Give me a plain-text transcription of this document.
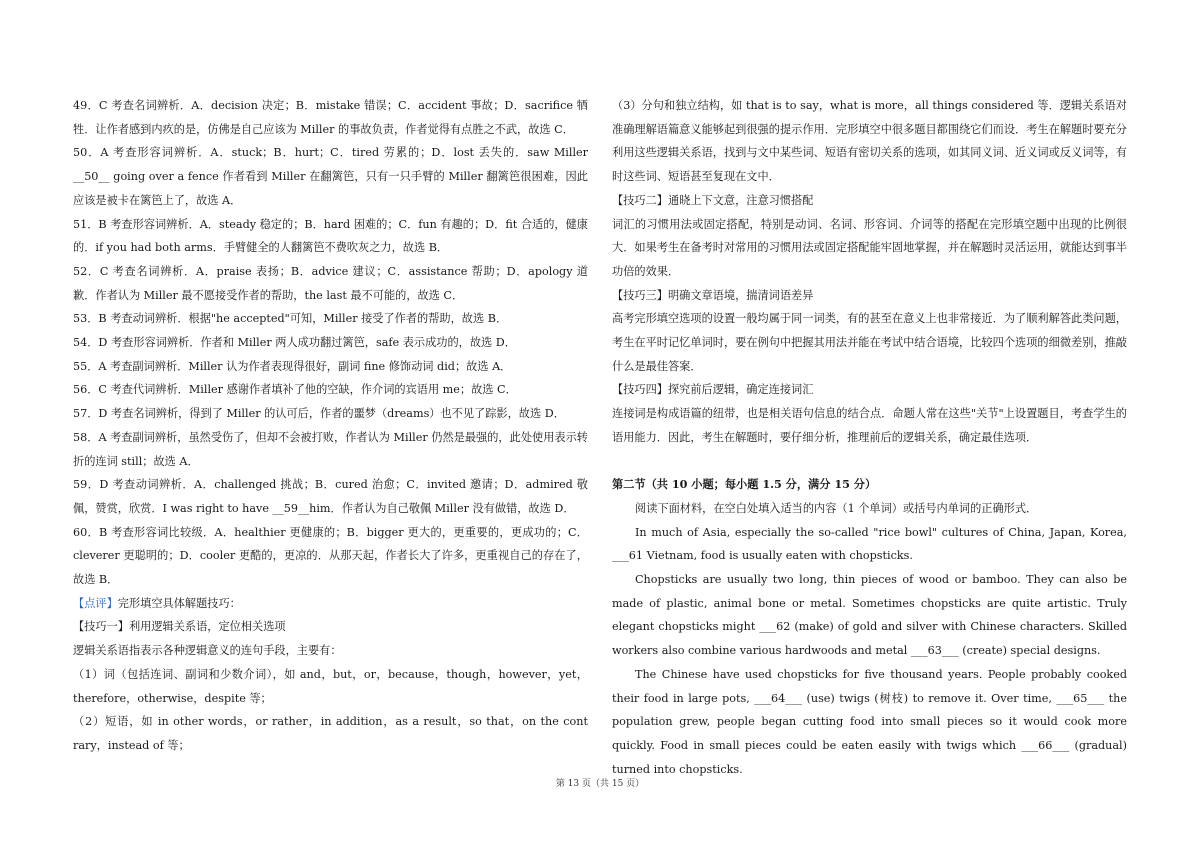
49．C 考查名词辨析．A．decision 决定；B．mistake 错误；C．accident 事故；D．sacrifice 牺牲．让作者感到内疚的是，仿佛是自己应该为 Miller 的事故负责，作者觉得有点胜之不武，故选 C．

50．A 考查形容词辨析．A．stuck；B．hurt；C．tired 劳累的；D．lost 丢失的．saw Miller __50__ going over a fence 作者看到 Miller 在翻篱笆，只有一只手臂的 Miller 翻篱笆很困难，因此应该是被卡在篱笆上了，故选 A．

51．B 考查形容词辨析．A．steady 稳定的；B．hard 困难的；C．fun 有趣的；D．fit 合适的，健康的．if you had both arms．手臂健全的人翻篱笆不费吹灰之力，故选 B．

52．C 考查名词辨析．A．praise 表扬；B．advice 建议；C．assistance 帮助；D．apology 道歉．作者认为 Miller 最不愿接受作者的帮助，the last 最不可能的，故选 C．

53．B 考查动词辨析．根据"he accepted"可知，Miller 接受了作者的帮助，故选 B．

54．D 考查形容词辨析．作者和 Miller 两人成功翻过篱笆，safe 表示成功的，故选 D．

55．A 考查副词辨析．Miller 认为作者表现得很好，副词 fine 修饰动词 did；故选 A．

56．C 考查代词辨析．Miller 感谢作者填补了他的空缺，作介词的宾语用 me；故选 C．

57．D 考查名词辨析，得到了 Miller 的认可后，作者的噩梦（dreams）也不见了踪影，故选 D．

58．A 考查副词辨析，虽然受伤了，但却不会被打败，作者认为 Miller 仍然是最强的，此处使用表示转折的连词 still；故选 A．

59．D 考查动词辨析．A．challenged 挑战；B．cured 治愈；C．invited 邀请；D．admired 敬佩，赞赏，欣赏．I was right to have __59__him．作者认为自己敬佩 Miller 没有做错，故选 D．

60．B 考查形容词比较级．A．healthier 更健康的；B．bigger 更大的，更重要的，更成功的；C．cleverer 更聪明的；D．cooler 更酷的，更凉的．从那天起，作者长大了许多，更重视自己的存在了，故选 B．

【点评】完形填空具体解题技巧：

【技巧一】利用逻辑关系语，定位相关选项

逻辑关系语指表示各种逻辑意义的连句手段，主要有：

（1）词（包括连词、副词和少数介词），如 and，but，or，because，though，however，yet，therefore，otherwise，despite 等；

（2）短语，如 in other words，or rather，in addition，as a result，so that，on the cont rary，instead of 等；

（3）分句和独立结构，如 that is to say，what is more，all things considered 等．逻辑关系语对准确理解语篇意义能够起到很强的提示作用．完形填空中很多题目都围绕它们而设．考生在解题时要充分利用这些逻辑关系语，找到与文中某些词、短语有密切关系的选项，如其同义词、近义词或反义词等，有时这些词、短语甚至复现在文中．

【技巧二】通晓上下文意，注意习惯搭配

词汇的习惯用法或固定搭配，特别是动词、名词、形容词、介词等的搭配在完形填空题中出现的比例很大．如果考生在备考时对常用的习惯用法或固定搭配能牢固地掌握，并在解题时灵活运用，就能达到事半功倍的效果．

【技巧三】明确文章语境，揣清词语差异

高考完形填空选项的设置一般均属于同一词类，有的甚至在意义上也非常接近．为了顺利解答此类问题，考生在平时记忆单词时，要在例句中把握其用法并能在考试中结合语境，比较四个选项的细微差别，推敲什么是最佳答案．

【技巧四】探究前后逻辑，确定连接词汇

连接词是构成语篇的纽带，也是相关语句信息的结合点．命题人常在这些"关节"上设置题目，考查学生的语用能力．因此，考生在解题时，要仔细分析，推理前后的逻辑关系，确定最佳选项．

第二节（共 10 小题；每小题 1.5 分，满分 15 分）

阅读下面材料，在空白处填入适当的内容（1 个单词）或括号内单词的正确形式．

In much of Asia, especially the so-called "rice bowl" cultures of China, Japan, Korea, ___61 Vietnam, food is usually eaten with chopsticks.

Chopsticks are usually two long, thin pieces of wood or bamboo. They can also be made of plastic, animal bone or metal. Sometimes chopsticks are quite artistic. Truly elegant chopsticks might ___62 (make) of gold and silver with Chinese characters. Skilled workers also combine various hardwoods and metal ___63___ (create) special designs.

The Chinese have used chopsticks for five thousand years. People probably cooked their food in large pots, ___64___ (use) twigs (树枝) to remove it. Over time, ___65___ the population grew, people began cutting food into small pieces so it would cook more quickly. Food in small pieces could be eaten easily with twigs which ___66___ (gradual) turned into chopsticks.

第 13 页（共 15 页）
